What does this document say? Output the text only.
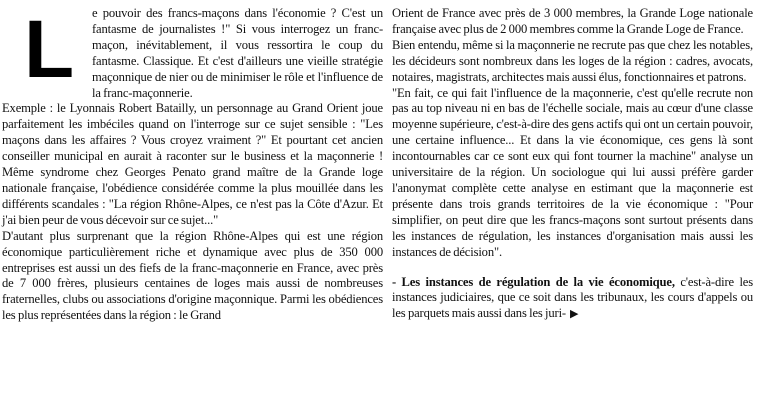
L	e pouvoir des francs-maçons dans l'économie ? C'est un fantasme de journalistes !" Si vous interrogez un franc-maçon, inévitablement, il vous ressortira le coup du fantasme. Classique. Et c'est d'ailleurs une vieille stratégie maçonnique de nier ou de minimiser le rôle et l'influence de la franc-maçonnerie.

Exemple : le Lyonnais Robert Batailly, un personnage au Grand Orient joue parfaitement les imbéciles quand on l'interroge sur ce sujet sensible : "Les maçons dans les affaires ? Vous croyez vraiment ?" Et pourtant cet ancien conseiller municipal en aurait à raconter sur le business et la maçonnerie ! Même syndrome chez Georges Penato grand maître de la Grande loge nationale française, l'obédience considérée comme la plus mouillée dans les différents scandales : "La région Rhône-Alpes, ce n'est pas la Côte d'Azur. Et j'ai bien peur de vous décevoir sur ce sujet..."

D'autant plus surprenant que la région Rhône-Alpes qui est une région économique particulièrement riche et dynamique avec plus de 350 000 entreprises est aussi un des fiefs de la franc-maçonnerie en France, avec près de 7 000 frères, plusieurs centaines de loges mais aussi de nombreuses fraternelles, clubs ou associations d'origine maçonnique. Parmi les obédiences les plus représentées dans la région : le Grand

Orient de France avec près de 3 000 membres, la Grande Loge nationale française avec plus de 2 000 membres comme la Grande Loge de France.

Bien entendu, même si la maçonnerie ne recrute pas que chez les notables, les décideurs sont nombreux dans les loges de la région : cadres, avocats, notaires, magistrats, architectes mais aussi élus, fonctionnaires et patrons.

"En fait, ce qui fait l'influence de la maçonnerie, c'est qu'elle recrute non pas au top niveau ni en bas de l'échelle sociale, mais au cœur d'une classe moyenne supérieure, c'est-à-dire des gens actifs qui ont un certain pouvoir, une certaine influence... Et dans la vie économique, ces gens là sont incontournables car ce sont eux qui font tourner la machine" analyse un universitaire de la région. Un sociologue qui lui aussi préfère garder l'anonymat complète cette analyse en estimant que la maçonnerie est présente dans trois grands territoires de la vie économique : "Pour simplifier, on peut dire que les francs-maçons sont surtout présents dans les instances de régulation, les instances d'organisation mais aussi les instances de décision".

- Les instances de régulation de la vie économique, c'est-à-dire les instances judiciaires, que ce soit dans les tribunaux, les cours d'appels ou les parquets mais aussi dans les juri- ▶
